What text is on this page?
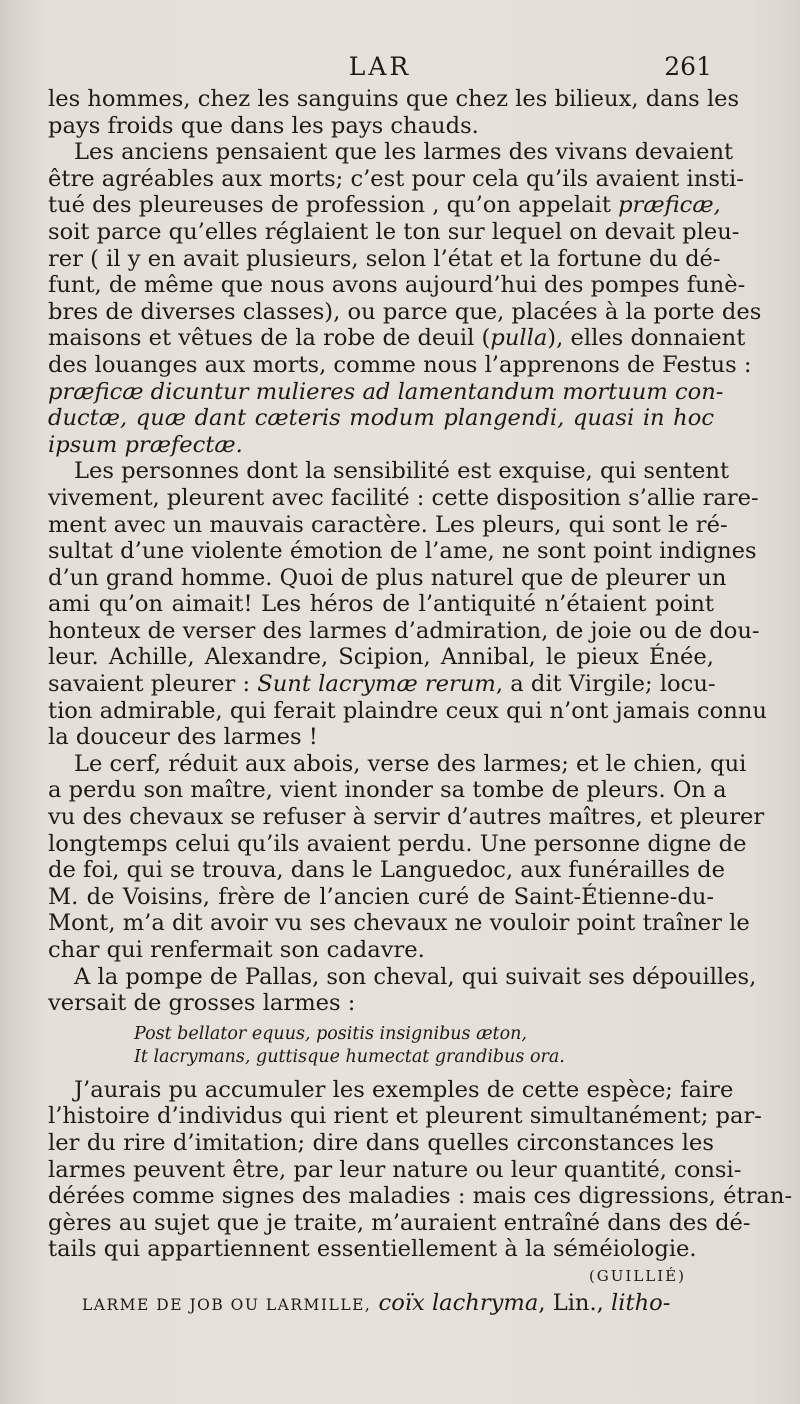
LAR	261
les hommes, chez les sanguins que chez les bilieux, dans les
pays froids que dans les pays chauds.
Les anciens pensaient que les larmes des vivans devaient
être agréables aux morts; c’est pour cela qu’ils avaient insti-
tué des pleureuses de profession , qu’on appelait præficæ,
soit parce qu’elles réglaient le ton sur lequel on devait pleu-
rer ( il y en avait plusieurs, selon l’état et la fortune du dé-
funt, de même que nous avons aujourd’hui des pompes funè-
bres de diverses classes), ou parce que, placées à la porte des
maisons et vêtues de la robe de deuil (pulla), elles donnaient
des louanges aux morts, comme nous l’apprenons de Festus :
præficæ dicuntur mulieres ad lamentandum mortuum con-
ductæ, quæ dant cæteris modum plangendi, quasi in hoc
ipsum præfectæ.
Les personnes dont la sensibilité est exquise, qui sentent
vivement, pleurent avec facilité : cette disposition s’allie rare-
ment avec un mauvais caractère. Les pleurs, qui sont le ré-
sultat d’une violente émotion de l’ame, ne sont point indignes
d’un grand homme. Quoi de plus naturel que de pleurer un
ami qu’on aimait! Les héros de l’antiquité n’étaient point
honteux de verser des larmes d’admiration, de joie ou de dou-
leur. Achille, Alexandre, Scipion, Annibal, le pieux Énée,
savaient pleurer : Sunt lacrymæ rerum, a dit Virgile; locu-
tion admirable, qui ferait plaindre ceux qui n’ont jamais connu
la douceur des larmes !
Le cerf, réduit aux abois, verse des larmes; et le chien, qui
a perdu son maître, vient inonder sa tombe de pleurs. On a
vu des chevaux se refuser à servir d’autres maîtres, et pleurer
longtemps celui qu’ils avaient perdu. Une personne digne de
de foi, qui se trouva, dans le Languedoc, aux funérailles de
M. de Voisins, frère de l’ancien curé de Saint-Étienne-du-
Mont, m’a dit avoir vu ses chevaux ne vouloir point traîner le
char qui renfermait son cadavre.
A la pompe de Pallas, son cheval, qui suivait ses dépouilles,
versait de grosses larmes :
Post bellator equus, positis insignibus æton,
It lacrymans, guttisque humectat grandibus ora.
J’aurais pu accumuler les exemples de cette espèce; faire
l’histoire d’individus qui rient et pleurent simultanément; par-
ler du rire d’imitation; dire dans quelles circonstances les
larmes peuvent être, par leur nature ou leur quantité, consi-
dérées comme signes des maladies : mais ces digressions, étran-
gères au sujet que je traite, m’auraient entraîné dans des dé-
tails qui appartiennent essentiellement à la séméiologie.
(GUILLIÉ)
LARME DE JOB OU LARMILLE, coïx lachryma, Lin., litho-
